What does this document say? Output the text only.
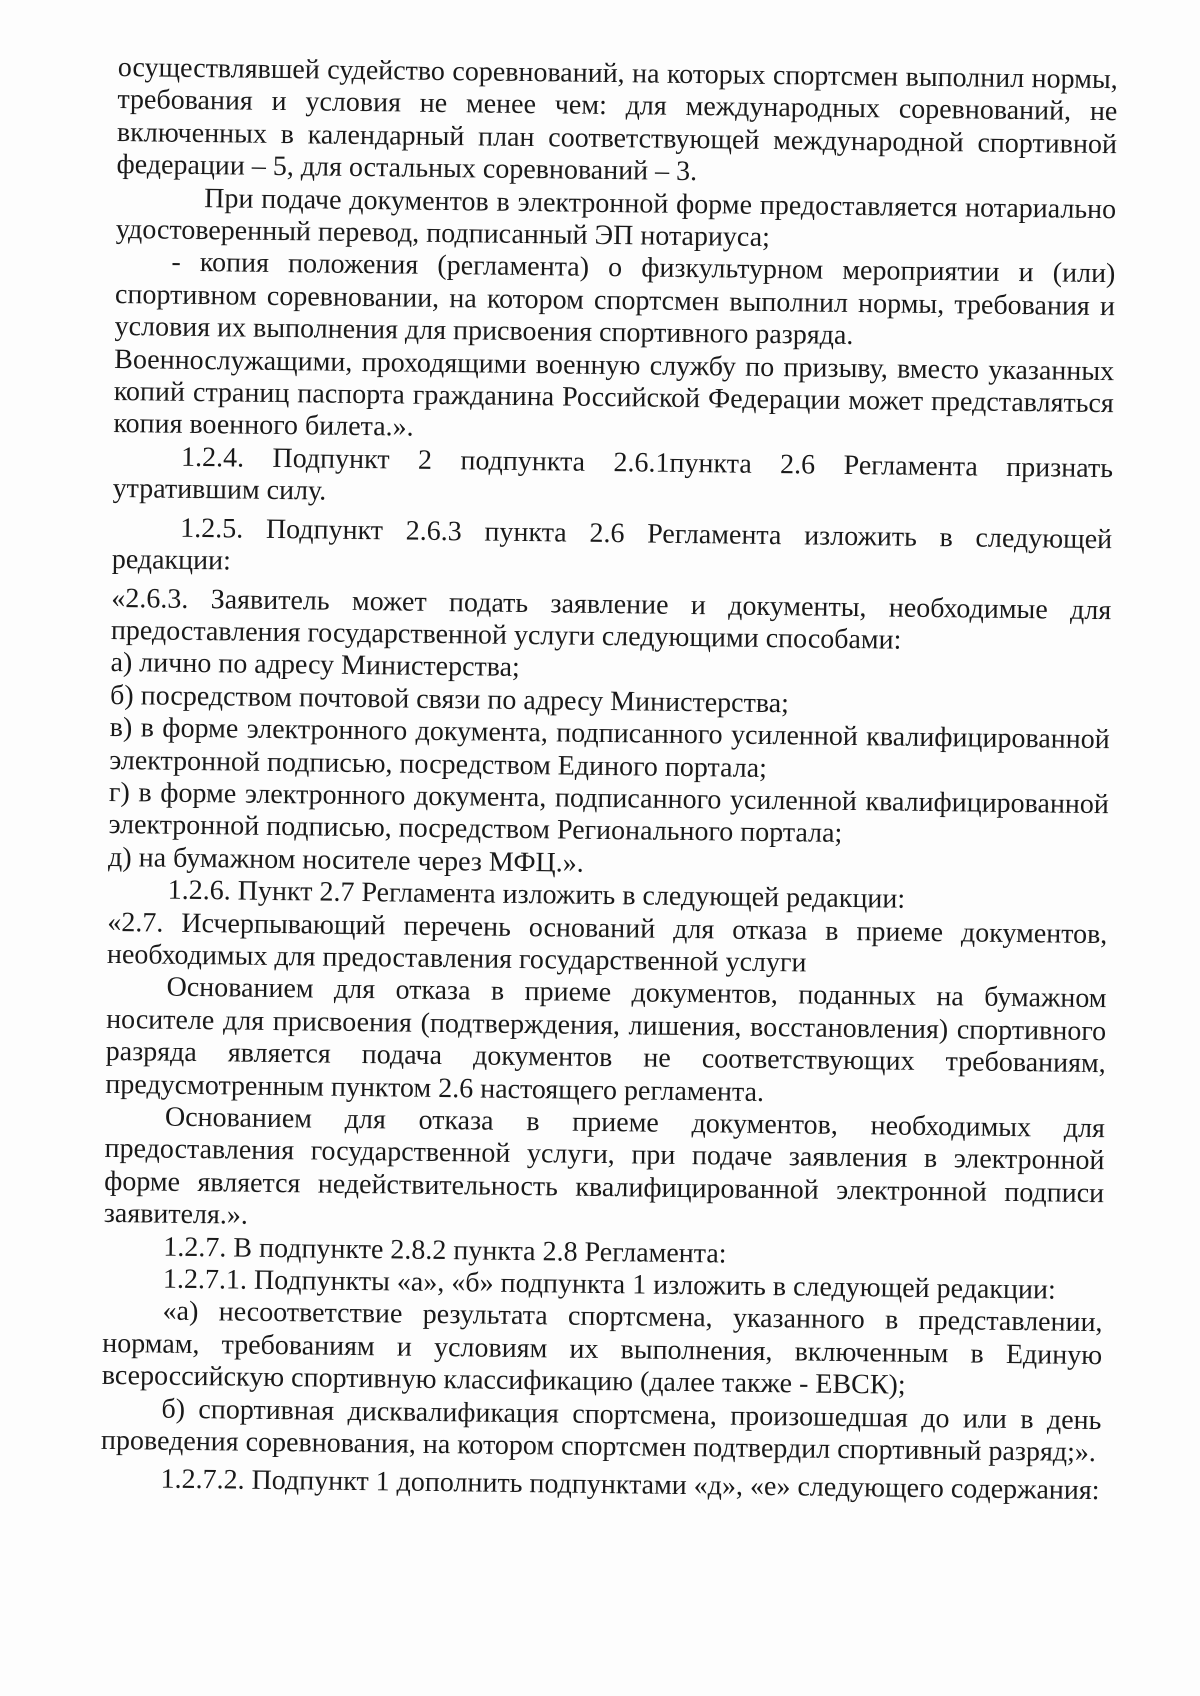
осуществлявшей судейство соревнований, на которых спортсмен выполнил нормы, требования и условия не менее чем: для международных соревнований, не включенных в календарный план соответствующей международной спортивной федерации – 5, для остальных соревнований – 3.

При подаче документов в электронной форме предоставляется нотариально удостоверенный перевод, подписанный ЭП нотариуса;

- копия положения (регламента) о физкультурном мероприятии и (или) спортивном соревновании, на котором спортсмен выполнил нормы, требования и условия их выполнения для присвоения спортивного разряда.

Военнослужащими, проходящими военную службу по призыву, вместо указанных копий страниц паспорта гражданина Российской Федерации может представляться копия военного билета.».

1.2.4. Подпункт 2 подпункта 2.6.1пункта 2.6 Регламента признать утратившим силу.

1.2.5. Подпункт 2.6.3 пункта 2.6 Регламента изложить в следующей редакции:

«2.6.3. Заявитель может подать заявление и документы, необходимые для предоставления государственной услуги следующими способами:

а) лично по адресу Министерства;

б) посредством почтовой связи по адресу Министерства;

в) в форме электронного документа, подписанного усиленной квалифицированной электронной подписью, посредством Единого портала;

г) в форме электронного документа, подписанного усиленной квалифицированной электронной подписью, посредством Регионального портала;

д) на бумажном носителе через МФЦ.».

1.2.6. Пункт 2.7 Регламента изложить в следующей редакции:

«2.7. Исчерпывающий перечень оснований для отказа в приеме документов, необходимых для предоставления государственной услуги

Основанием для отказа в приеме документов, поданных на бумажном носителе для присвоения (подтверждения, лишения, восстановления) спортивного разряда является подача документов не соответствующих требованиям, предусмотренным пунктом 2.6 настоящего регламента.

Основанием для отказа в приеме документов, необходимых для предоставления государственной услуги, при подаче заявления в электронной форме является недействительность квалифицированной электронной подписи заявителя.».

1.2.7. В подпункте 2.8.2 пункта 2.8 Регламента:

1.2.7.1. Подпункты «а», «б» подпункта 1 изложить в следующей редакции:

«а) несоответствие результата спортсмена, указанного в представлении, нормам, требованиям и условиям их выполнения, включенным в Единую всероссийскую спортивную классификацию (далее также - ЕВСК);

б) спортивная дисквалификация спортсмена, произошедшая до или в день проведения соревнования, на котором спортсмен подтвердил спортивный разряд;».

1.2.7.2. Подпункт 1 дополнить подпунктами «д», «е» следующего содержания:
